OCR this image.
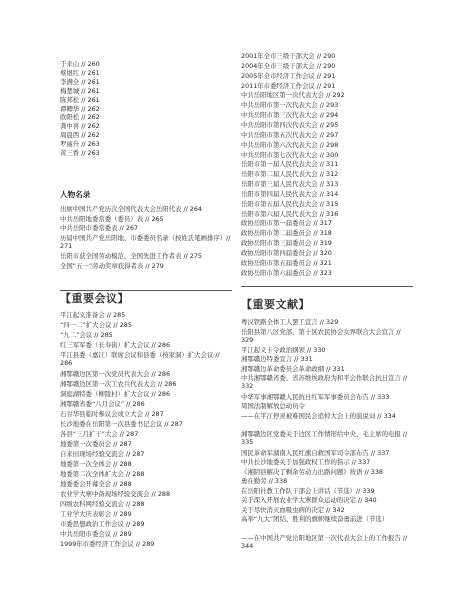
于来山 // 260
蔡煜红 // 261
李满全 // 261
梅楚城 // 261
陈邦松 // 261
谭卿华 // 262
欧阳松 // 262
龚中喜 // 262
周晨西 // 262
罗丽升 // 263
黄三香 // 263
人物名录
出席中国共产党历次全国代表大会岳阳代表 // 264
中共岳阳地委常委（委员）表 // 265
中共岳阳市委常委表 // 267
历届中国共产党岳阳地、市委委员名录（按姓氏笔画排序）// 271
岳阳市获全国劳动模范、全国先进工作者表 // 275
全国“五一”劳动奖章获得者表 // 279
【重要会议】
平江起义准备会 // 285
“四一二”扩大会议 // 285
“九二”会议 // 285
红三军军委（长寿街）扩大会议 // 286
平江县委（嘉江）联席会议和县委（按家洞）扩大会议 // 286
湘鄂赣边区第一次党员代表大会 // 286
湘鄂赣边区第一次工农兵代表大会 // 286
洞庭湖特委（柳陵村）扩大会议 // 286
湘鄂赣省委“八月会议” // 286
石谷华县临时参议会成立大会 // 287
长沙地委在岳阳第一次县委书记会议 // 287
各县“三月扩干”大会 // 287
地委第一次委员会 // 287
自来田现场经验交流会 // 287
地委第一次全体会 // 288
地委第二次全体扩大会 // 288
地委委会开幕全会 // 288
农业学大寨中备现场经验交流会 // 288
四级农科网经验交流会 // 288
工业学大庆表彰会 // 289
市委思想政治工作会议 // 289
中共岳阳市委会议 // 289
1999年市委经济工作会议 // 289
2001年全市三级干部大会 // 290
2004年全市三级干部大会 // 290
2005年全市经济工作会议 // 291
2011年市委经济工作会议 // 291
中共岳阳地区第一次代表大会 // 292
中共岳阳市第一次代表大会 // 293
中共岳阳市第三次代表大会 // 294
中共岳阳市第四次代表大会 // 295
中共岳阳市第五次代表大会 // 297
中共岳阳市第六次代表大会 // 298
中共岳阳市第七次代表大会 // 300
岳阳市第一届人民代表大会 // 311
岳阳市第二届人民代表大会 // 312
岳阳市第三届人民代表大会 // 313
岳阳市第四届人民代表大会 // 314
岳阳市第五届人民代表大会 // 315
岳阳市第六届人民代表大会 // 316
政协岳阳市第一届委员会 // 317
政协岳阳市第二届委员会 // 318
政协岳阳市第三届委员会 // 319
政协岳阳市第四届委员会 // 320
政协岳阳市第五届委员会 // 321
政协岳阳市第六届委员会 // 323
【重要文献】
粤汉铁路全体工人罢工宣言 // 329
岳阳县第八区党部、第十区农民协会女界联合大会宣言 // 329
平江起义卡令政治纲领 // 330
湘鄂赣边特委宣言 // 331
湘鄂赣边革命委员会革命政纲 // 331
中共湘鄂赣省委、省苏维埃政府为和平会作联合抗日宣言 // 332
中华军事湘鄂赣人民抗日红军军事委员会布告 // 333
周国法制解放总动员令
——在平江停灵被难国民会追悼大会上的演说词 // 334
湘鄂赣边区党委关于边区工作情形给中央、毛主席的电报 // 335
国民革命军湖南人民红旗自救国军司令部布告 // 337
中共长沙地委关于加强政权工作的指示 // 337
《湘阴县解决了剩余劳动力出路问题》按语 // 338
勇在勤劳 // 338
在岳阳社教工作队干部会上讲话（节选）// 339
关于深入开展农业学大寨群众运动的决定 // 340
关于尽快消灭血吸虫病的决定 // 342
高举“九大”团结、胜利的旗帜继续奋勇前进（节选）
——在中国共产党岳阳地区第一次代表大会上的工作报告 // 344
